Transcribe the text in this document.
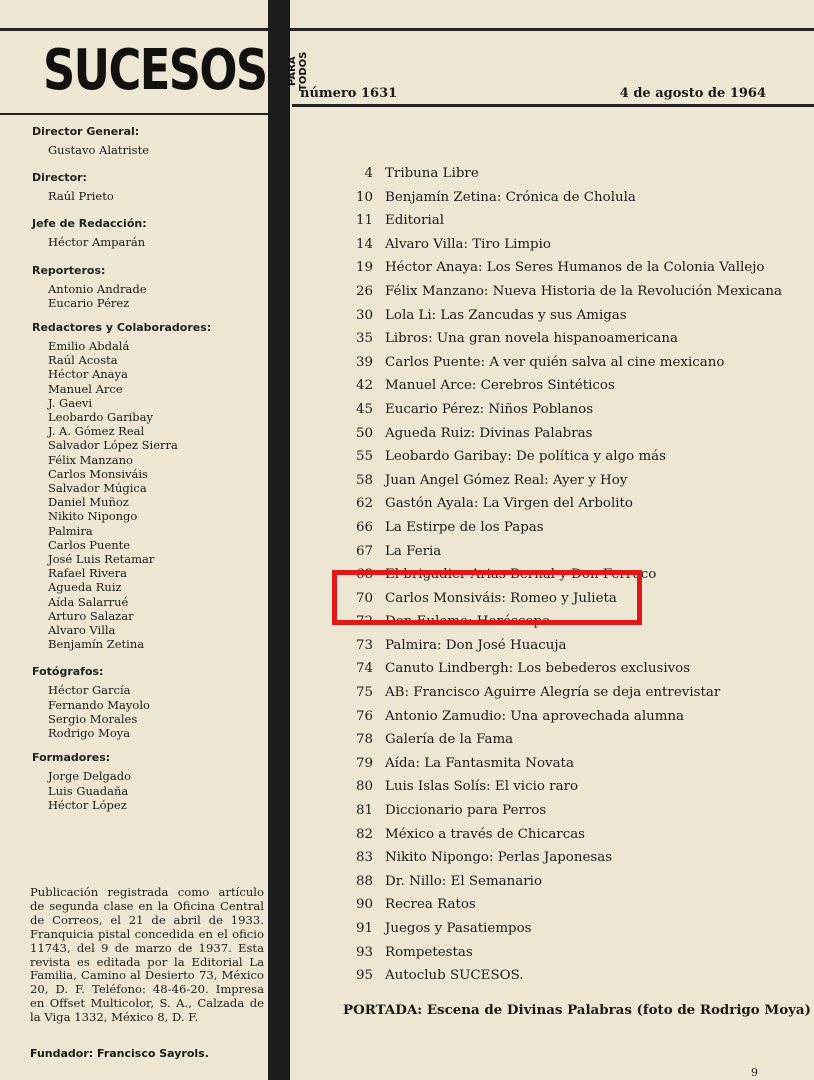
SUCESOS PARA TODOS
número 1631	4 de agosto de 1964

Director General:

Gustavo Alatriste

Director:

Raúl Prieto

Jefe de Redacción:

Héctor Amparán

Reporteros:

Antonio Andrade
Eucario Pérez

Redactores y Colaboradores:

Emilio Abdalá
Raúl Acosta
Héctor Anaya
Manuel Arce
J. Gaevi
Leobardo Garibay
J. A. Gómez Real
Salvador López Sierra
Félix Manzano
Carlos Monsiváis
Salvador Múgica
Daniel Muñoz
Nikito Nipongo
Palmira
Carlos Puente
José Luis Retamar
Rafael Rivera
Agueda Ruiz
Aída Salarrué
Arturo Salazar
Alvaro Villa
Benjamín Zetina

Fotógrafos:

Héctor García
Fernando Mayolo
Sergio Morales
Rodrigo Moya

Formadores:

Jorge Delgado
Luis Guadaña
Héctor López
Publicación registrada como artículo de segunda clase en la Oficina Central de Correos, el 21 de abril de 1933. Franquicia pistal concedida en el oficio 11743, del 9 de marzo de 1937. Esta revista es editada por la Editorial La Familia, Camino al Desierto 73, México 20, D. F. Teléfono: 48-46-20. Impresa en Offset Multicolor, S. A., Calzada de la Viga 1332, México 8, D. F.
Fundador: Francisco Sayrols.
4 Tribuna Libre
10 Benjamín Zetina: Crónica de Cholula
11 Editorial
14 Alvaro Villa: Tiro Limpio
19 Héctor Anaya: Los Seres Humanos de la Colonia Vallejo
26 Félix Manzano: Nueva Historia de la Revolución Mexicana
30 Lola Li: Las Zancudas y sus Amigas
35 Libros: Una gran novela hispanoamericana
39 Carlos Puente: A ver quién salva al cine mexicano
42 Manuel Arce: Cerebros Sintéticos
45 Eucario Pérez: Niños Poblanos
50 Agueda Ruiz: Divinas Palabras
55 Leobardo Garibay: De política y algo más
58 Juan Angel Gómez Real: Ayer y Hoy
62 Gastón Ayala: La Virgen del Arbolito
66 La Estirpe de los Papas
67 La Feria
68 El brigadier Arias Bernal y Don Ferruco
70 Carlos Monsiváis: Romeo y Julieta
72 Don Eulemo: Horóscopo
73 Palmira: Don José Huacuja
74 Canuto Lindbergh: Los bebederos exclusivos
75 AB: Francisco Aguirre Alegría se deja entrevistar
76 Antonio Zamudio: Una aprovechada alumna
78 Galería de la Fama
79 Aída: La Fantasmita Novata
80 Luis Islas Solís: El vicio raro
81 Diccionario para Perros
82 México a través de Chicarcas
83 Nikito Nipongo: Perlas Japonesas
88 Dr. Nillo: El Semanario
90 Recrea Ratos
91 Juegos y Pasatiempos
93 Rompetestas
95 Autoclub SUCESOS.
PORTADA: Escena de Divinas Palabras (foto de Rodrigo Moya)
9
